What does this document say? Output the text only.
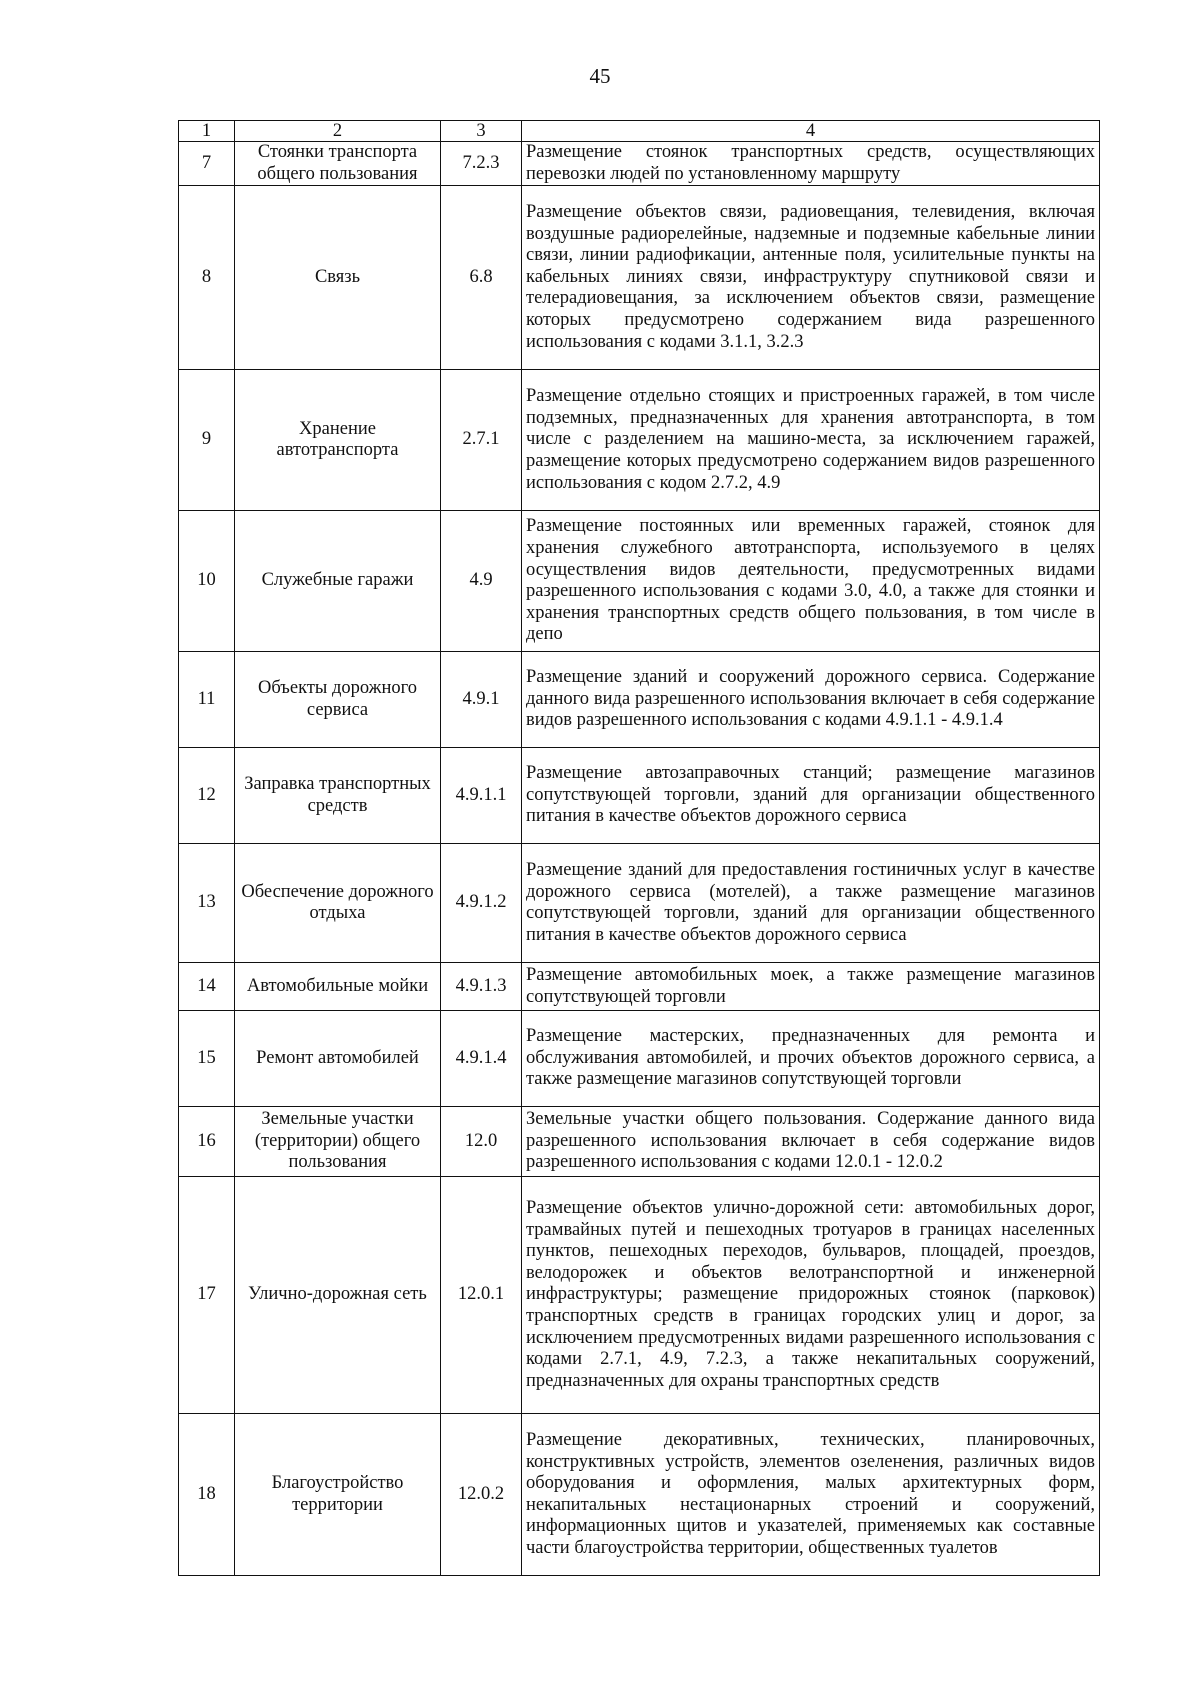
45
1	2	3	4
7	Стоянки транспорта общего пользования	7.2.3	Размещение стоянок транспортных средств, осуществляющих перевозки людей по установленному маршруту
8	Связь	6.8	Размещение объектов связи, радиовещания, телевидения, включая воздушные радиорелейные, надземные и подземные кабельные линии связи, линии радиофикации, антенные поля, усилительные пункты на кабельных линиях связи, инфраструктуру спутниковой связи и телерадиовещания, за исключением объектов связи, размещение которых предусмотрено содержанием вида разрешенного использования с кодами 3.1.1, 3.2.3
9	Хранение автотранспорта	2.7.1	Размещение отдельно стоящих и пристроенных гаражей, в том числе подземных, предназначенных для хранения автотранспорта, в том числе с разделением на машино-места, за исключением гаражей, размещение которых предусмотрено содержанием видов разрешенного использования с кодом 2.7.2, 4.9
10	Служебные гаражи	4.9	Размещение постоянных или временных гаражей, стоянок для хранения служебного автотранспорта, используемого в целях осуществления видов деятельности, предусмотренных видами разрешенного использования с кодами 3.0, 4.0, а также для стоянки и хранения транспортных средств общего пользования, в том числе в депо
11	Объекты дорожного сервиса	4.9.1	Размещение зданий и сооружений дорожного сервиса. Содержание данного вида разрешенного использования включает в себя содержание видов разрешенного использования с кодами 4.9.1.1 - 4.9.1.4
12	Заправка транспортных средств	4.9.1.1	Размещение автозаправочных станций; размещение магазинов сопутствующей торговли, зданий для организации общественного питания в качестве объектов дорожного сервиса
13	Обеспечение дорожного отдыха	4.9.1.2	Размещение зданий для предоставления гостиничных услуг в качестве дорожного сервиса (мотелей), а также размещение магазинов сопутствующей торговли, зданий для организации общественного питания в качестве объектов дорожного сервиса
14	Автомобильные мойки	4.9.1.3	Размещение автомобильных моек, а также размещение магазинов сопутствующей торговли
15	Ремонт автомобилей	4.9.1.4	Размещение мастерских, предназначенных для ремонта и обслуживания автомобилей, и прочих объектов дорожного сервиса, а также размещение магазинов сопутствующей торговли
16	Земельные участки (территории) общего пользования	12.0	Земельные участки общего пользования. Содержание данного вида разрешенного использования включает в себя содержание видов разрешенного использования с кодами 12.0.1 - 12.0.2
17	Улично-дорожная сеть	12.0.1	Размещение объектов улично-дорожной сети: автомобильных дорог, трамвайных путей и пешеходных тротуаров в границах населенных пунктов, пешеходных переходов, бульваров, площадей, проездов, велодорожек и объектов велотранспортной и инженерной инфраструктуры; размещение придорожных стоянок (парковок) транспортных средств в границах городских улиц и дорог, за исключением предусмотренных видами разрешенного использования с кодами 2.7.1, 4.9, 7.2.3, а также некапитальных сооружений, предназначенных для охраны транспортных средств
18	Благоустройство территории	12.0.2	Размещение декоративных, технических, планировочных, конструктивных устройств, элементов озеленения, различных видов оборудования и оформления, малых архитектурных форм, некапитальных нестационарных строений и сооружений, информационных щитов и указателей, применяемых как составные части благоустройства территории, общественных туалетов
